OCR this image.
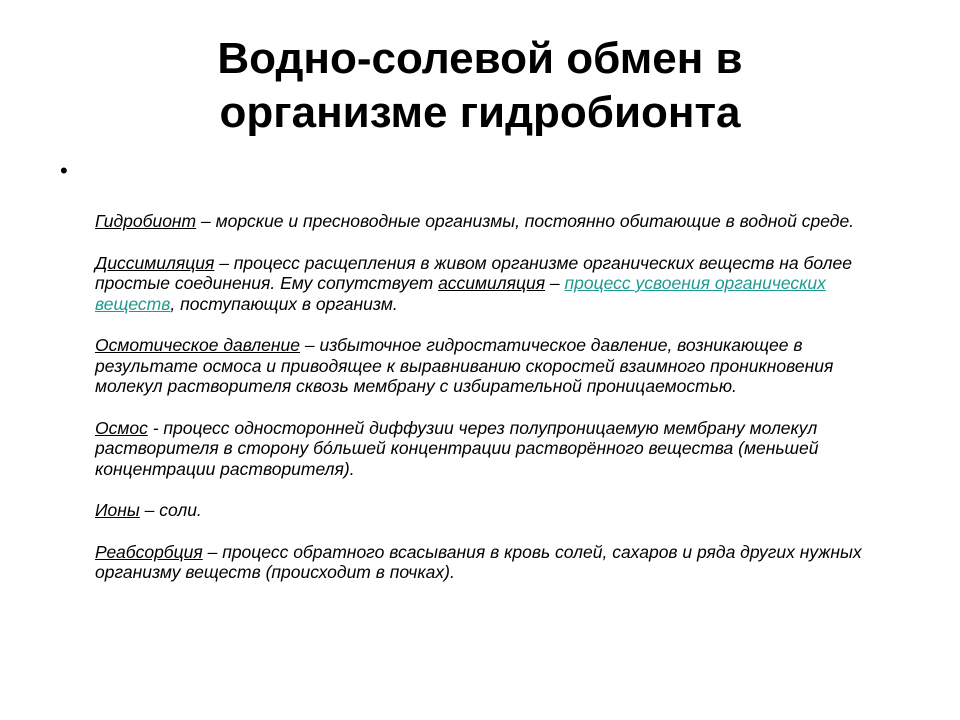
Водно-солевой обмен в
организме гидробионта
•

Гидробионт – морские и пресноводные организмы, постоянно обитающие в водной среде.

Диссимиляция – процесс расщепления в живом организме органических веществ на более простые соединения. Ему сопутствует ассимиляция – процесс усвоения органических веществ, поступающих в организм.

Осмотическое давление – избыточное гидростатическое давление, возникающее в результате осмоса и приводящее к выравниванию скоростей взаимного проникновения молекул растворителя сквозь мембрану с избирательной проницаемостью.

Осмос - процесс односторонней диффузии через полупроницаемую мембрану молекул растворителя в сторону бóльшей концентрации растворённого вещества (меньшей концентрации растворителя).

Ионы – соли.

Реабсорбция – процесс обратного всасывания в кровь солей, сахаров и ряда других нужных организму веществ (происходит в почках).
